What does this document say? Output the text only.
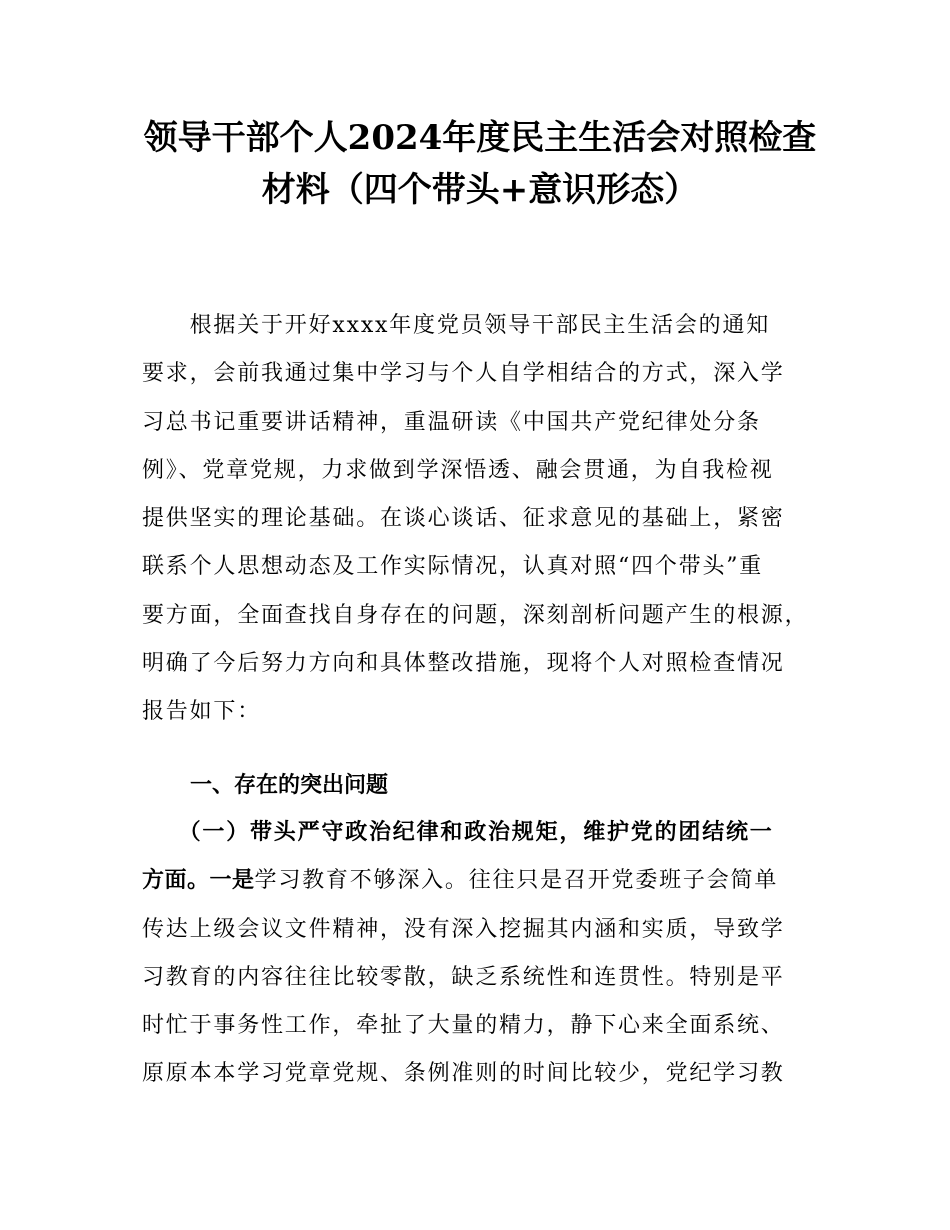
领导干部个人2024年度民主生活会对照检查
材料（四个带头+意识形态）
　　根据关于开好xxxx年度党员领导干部民主生活会的通知
要求，会前我通过集中学习与个人自学相结合的方式，深入学
习总书记重要讲话精神，重温研读《中国共产党纪律处分条
例》、党章党规，力求做到学深悟透、融会贯通，为自我检视
提供坚实的理论基础。在谈心谈话、征求意见的基础上，紧密
联系个人思想动态及工作实际情况，认真对照“四个带头”重
要方面，全面查找自身存在的问题，深刻剖析问题产生的根源，
明确了今后努力方向和具体整改措施，现将个人对照检查情况
报告如下：
一、存在的突出问题
　　（一）带头严守政治纪律和政治规矩，维护党的团结统一
方面。一是学习教育不够深入。往往只是召开党委班子会简单
传达上级会议文件精神，没有深入挖掘其内涵和实质，导致学
习教育的内容往往比较零散，缺乏系统性和连贯性。特别是平
时忙于事务性工作，牵扯了大量的精力，静下心来全面系统、
原原本本学习党章党规、条例准则的时间比较少，党纪学习教
